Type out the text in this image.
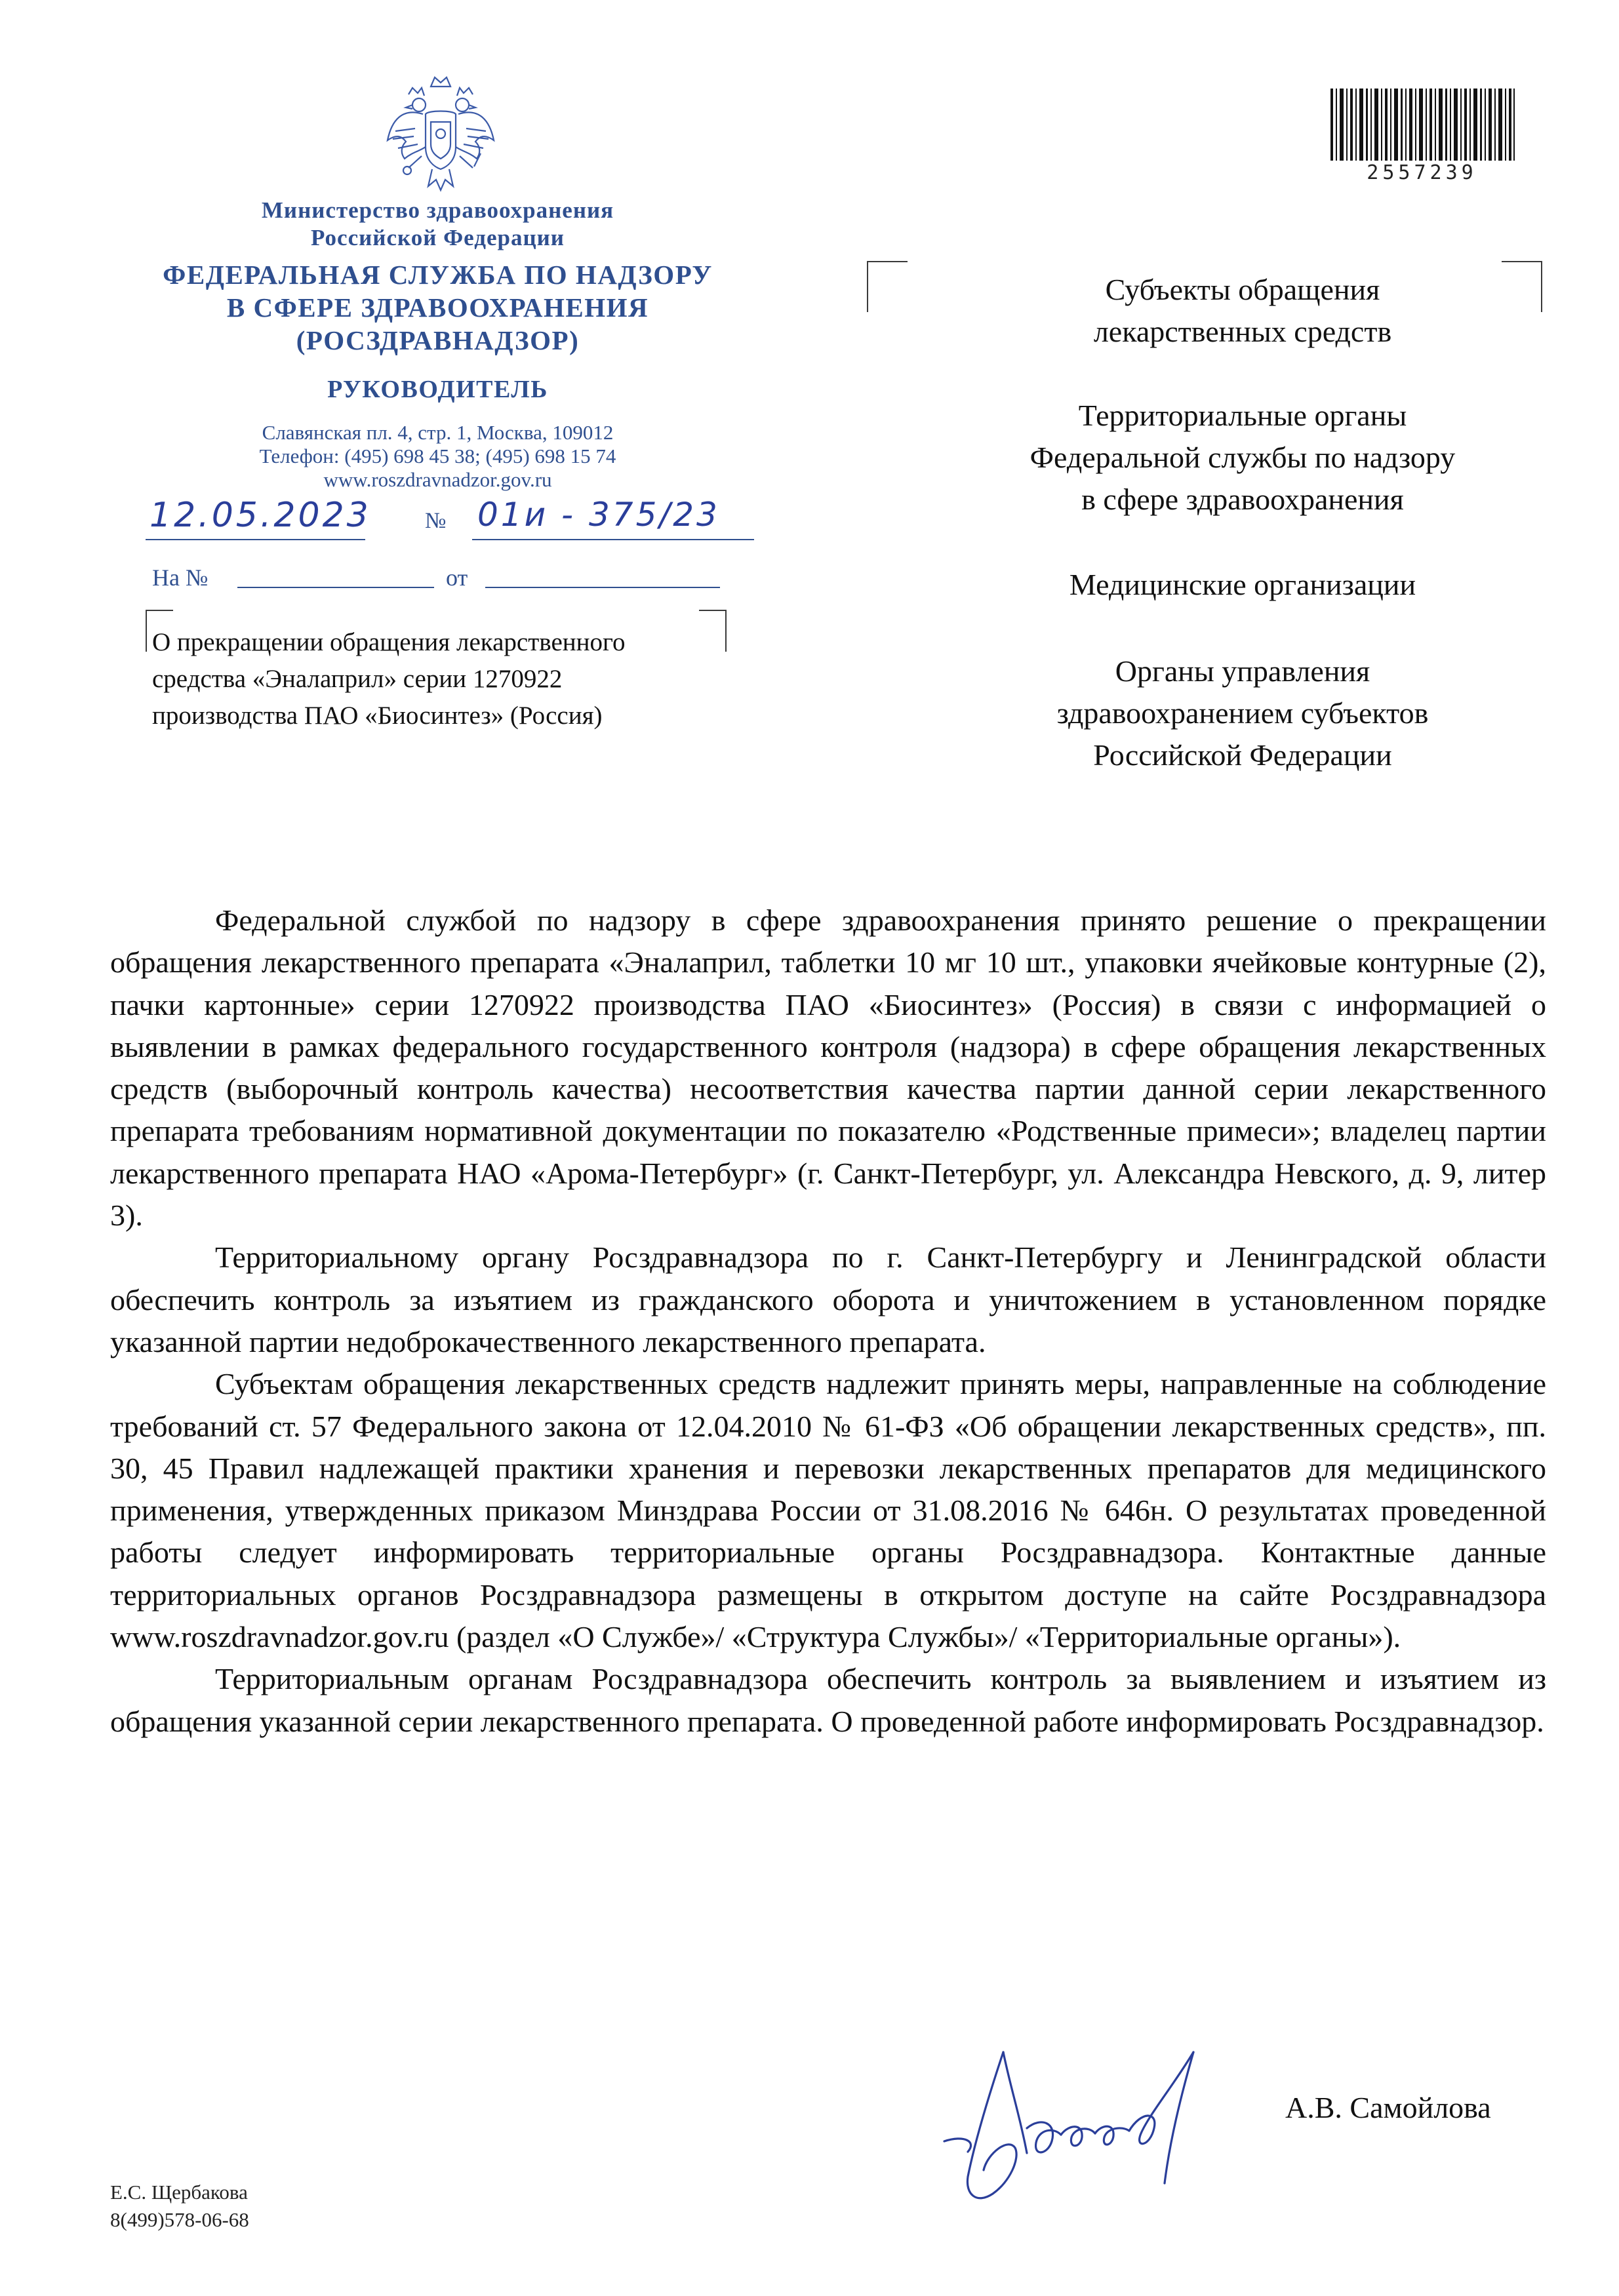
Министерство здравоохранения
Российской Федерации
ФЕДЕРАЛЬНАЯ СЛУЖБА ПО НАДЗОРУ
В СФЕРЕ ЗДРАВООХРАНЕНИЯ
(РОСЗДРАВНАДЗОР)
РУКОВОДИТЕЛЬ
Славянская пл. 4, стр. 1, Москва, 109012
Телефон: (495) 698 45 38; (495) 698 15 74
www.roszdravnadzor.gov.ru
12.05.2023 № 01и - 375/23
На №	от
О прекращении обращения лекарственного
средства «Эналаприл» серии 1270922
производства ПАО «Биосинтез» (Россия)
2557239
Субъекты обращения
лекарственных средств
Территориальные органы
Федеральной службы по надзору
в сфере здравоохранения
Медицинские организации
Органы управления
здравоохранением субъектов
Российской Федерации

Федеральной службой по надзору в сфере здравоохранения принято решение о прекращении обращения лекарственного препарата «Эналаприл, таблетки 10 мг 10 шт., упаковки ячейковые контурные (2), пачки картонные» серии 1270922 производства ПАО «Биосинтез» (Россия) в связи с информацией о выявлении в рамках федерального государственного контроля (надзора) в сфере обращения лекарственных средств (выборочный контроль качества) несоответствия качества партии данной серии лекарственного препарата требованиям нормативной документации по показателю «Родственные примеси»; владелец партии лекарственного препарата НАО «Арома-Петербург» (г. Санкт-Петербург, ул. Александра Невского, д. 9, литер 3).

Территориальному органу Росздравнадзора по г. Санкт-Петербургу и Ленинградской области обеспечить контроль за изъятием из гражданского оборота и уничтожением в установленном порядке указанной партии недоброкачественного лекарственного препарата.

Субъектам обращения лекарственных средств надлежит принять меры, направленные на соблюдение требований ст. 57 Федерального закона от 12.04.2010 № 61-ФЗ «Об обращении лекарственных средств», пп. 30, 45 Правил надлежащей практики хранения и перевозки лекарственных препаратов для медицинского применения, утвержденных приказом Минздрава России от 31.08.2016 № 646н. О результатах проведенной работы следует информировать территориальные органы Росздравнадзора. Контактные данные территориальных органов Росздравнадзора размещены в открытом доступе на сайте Росздравнадзора www.roszdravnadzor.gov.ru (раздел «О Службе»/ «Структура Службы»/ «Территориальные органы»).

Территориальным органам Росздравнадзора обеспечить контроль за выявлением и изъятием из обращения указанной серии лекарственного препарата. О проведенной работе информировать Росздравнадзор.

А.В. Самойлова
Е.С. Щербакова
8(499)578-06-68
